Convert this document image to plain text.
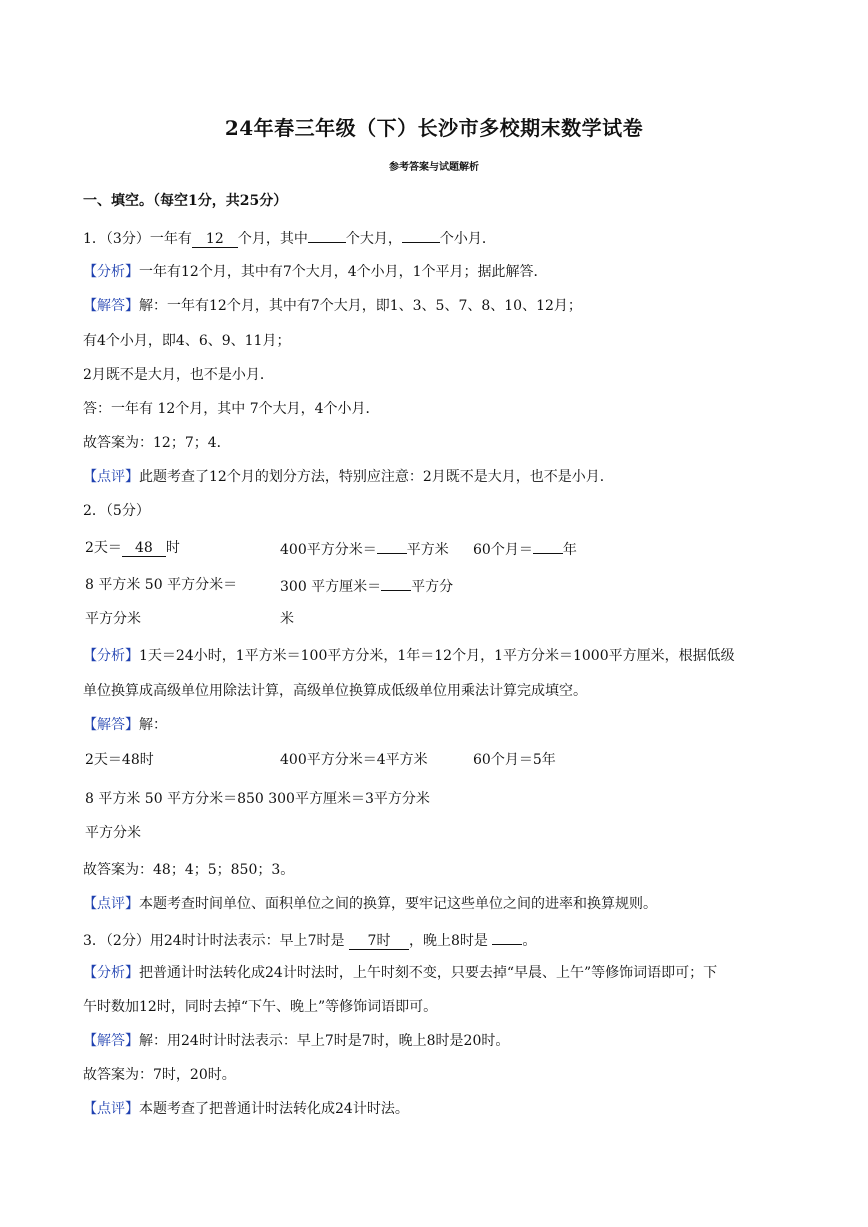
24年春三年级（下）长沙市多校期末数学试卷
参考答案与试题解析
一、填空。（每空1分，共25分）
1．（3分）一年有 12 个月，其中	个大月，	个小月．
【分析】一年有12个月，其中有7个大月，4个小月，1个平月；据此解答．
【解答】解：一年有12个月，其中有7个大月，即1、3、5、7、8、10、12月；
有4个小月，即4、6、9、11月；
2月既不是大月，也不是小月．
答：一年有 12个月，其中 7个大月，4个小月．
故答案为：12；7；4．
【点评】此题考查了12个月的划分方法，特别应注意：2月既不是大月，也不是小月．
2．（5分）
2天＝ 48 时	400平方分米＝ 平方米 60个月＝ 年
8 平方米 50 平方分米＝	300 平方厘米＝ 平方分
平方分米	米
【分析】1天＝24小时，1平方米＝100平方分米，1年＝12个月，1平方分米＝1000平方厘米，根据低级
单位换算成高级单位用除法计算，高级单位换算成低级单位用乘法计算完成填空。
【解答】解：
2天＝48时	400平方分米＝4平方米	60个月＝5年
8 平方米 50 平方分米＝850 300平方厘米＝3平方分米
平方分米
故答案为：48；4；5；850；3。
【点评】本题考查时间单位、面积单位之间的换算，要牢记这些单位之间的进率和换算规则。
3．（2分）用24时计时法表示：早上7时是 7时 ，晚上8时是 。
【分析】把普通计时法转化成24计时法时，上午时刻不变，只要去掉“早晨、上午”等修饰词语即可；下
午时数加12时，同时去掉“下午、晚上”等修饰词语即可。
【解答】解：用24时计时法表示：早上7时是7时，晚上8时是20时。
故答案为：7时，20时。
【点评】本题考查了把普通计时法转化成24计时法。
